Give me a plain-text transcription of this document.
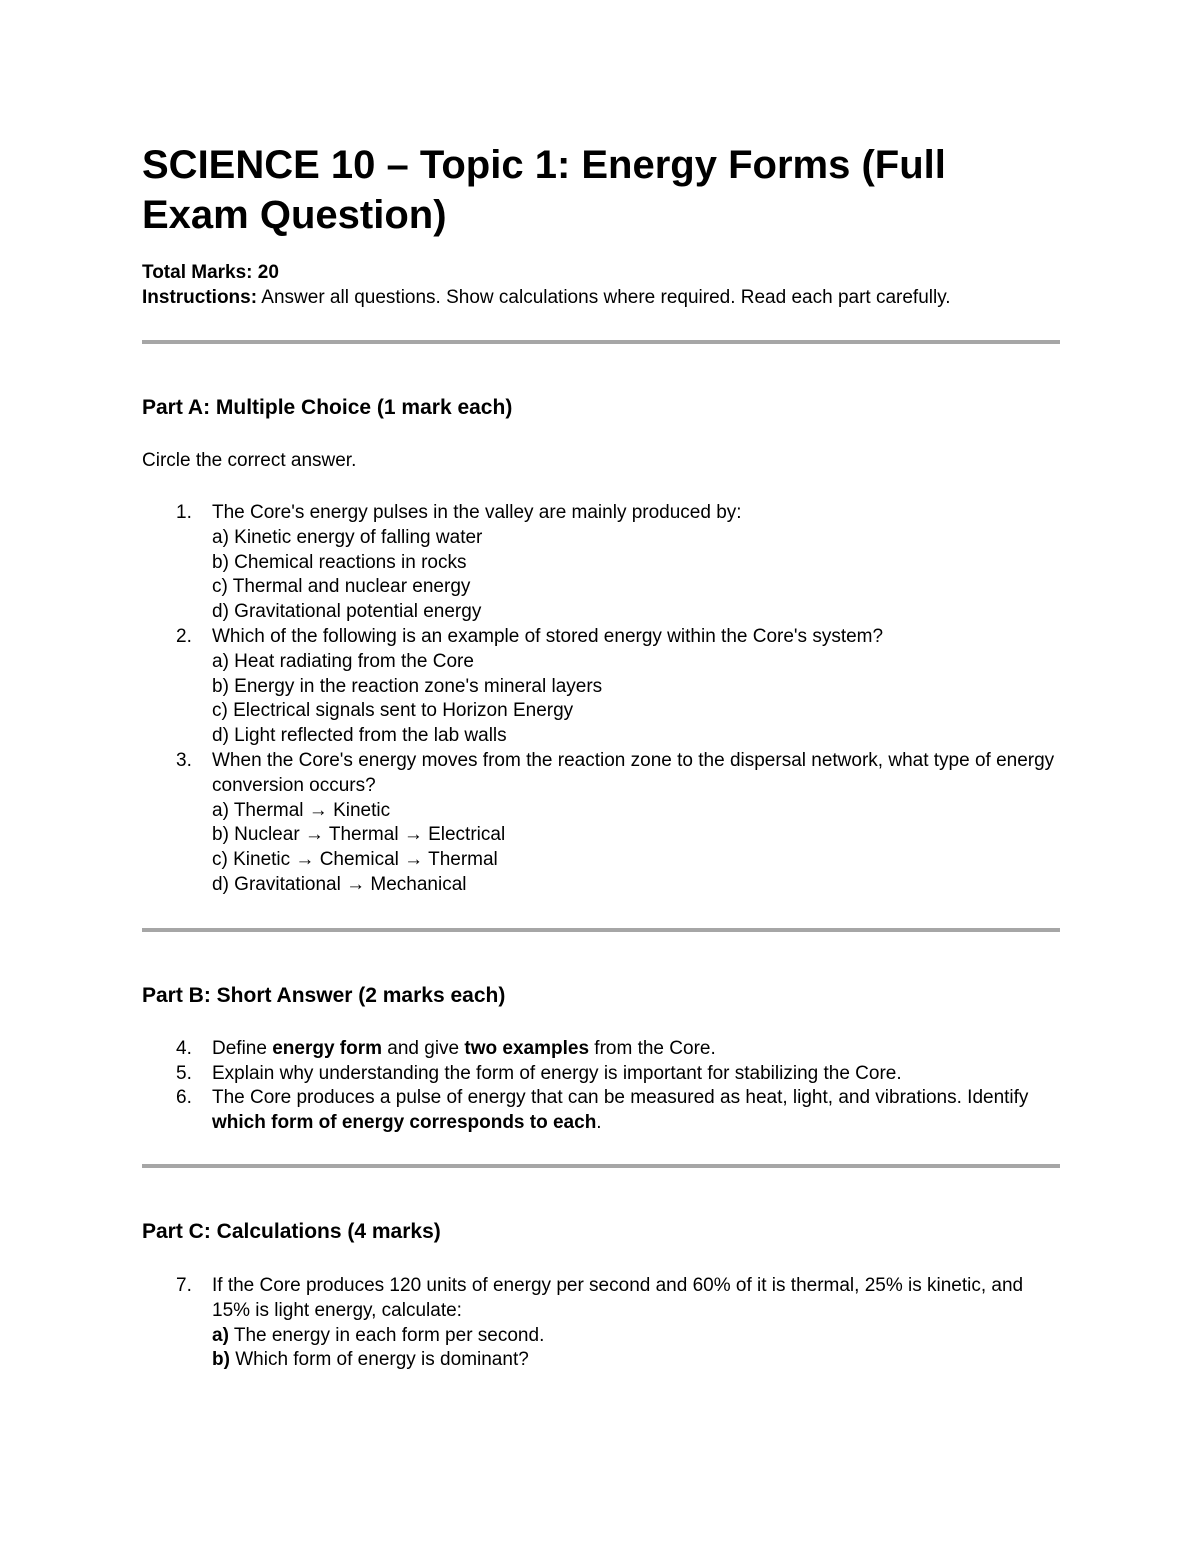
SCIENCE 10 – Topic 1: Energy Forms (Full Exam Question)
Total Marks: 20
Instructions: Answer all questions. Show calculations where required. Read each part carefully.
Part A: Multiple Choice (1 mark each)

Circle the correct answer.

1. The Core's energy pulses in the valley are mainly produced by:
a) Kinetic energy of falling water
b) Chemical reactions in rocks
c) Thermal and nuclear energy
d) Gravitational potential energy
2. Which of the following is an example of stored energy within the Core's system?
a) Heat radiating from the Core
b) Energy in the reaction zone's mineral layers
c) Electrical signals sent to Horizon Energy
d) Light reflected from the lab walls
3. When the Core's energy moves from the reaction zone to the dispersal network, what type of energy conversion occurs?
a) Thermal → Kinetic
b) Nuclear → Thermal → Electrical
c) Kinetic → Chemical → Thermal
d) Gravitational → Mechanical
Part B: Short Answer (2 marks each)
4. Define energy form and give two examples from the Core.
5. Explain why understanding the form of energy is important for stabilizing the Core.
6. The Core produces a pulse of energy that can be measured as heat, light, and vibrations. Identify which form of energy corresponds to each.
Part C: Calculations (4 marks)
7. If the Core produces 120 units of energy per second and 60% of it is thermal, 25% is kinetic, and 15% is light energy, calculate:
a) The energy in each form per second.
b) Which form of energy is dominant?
